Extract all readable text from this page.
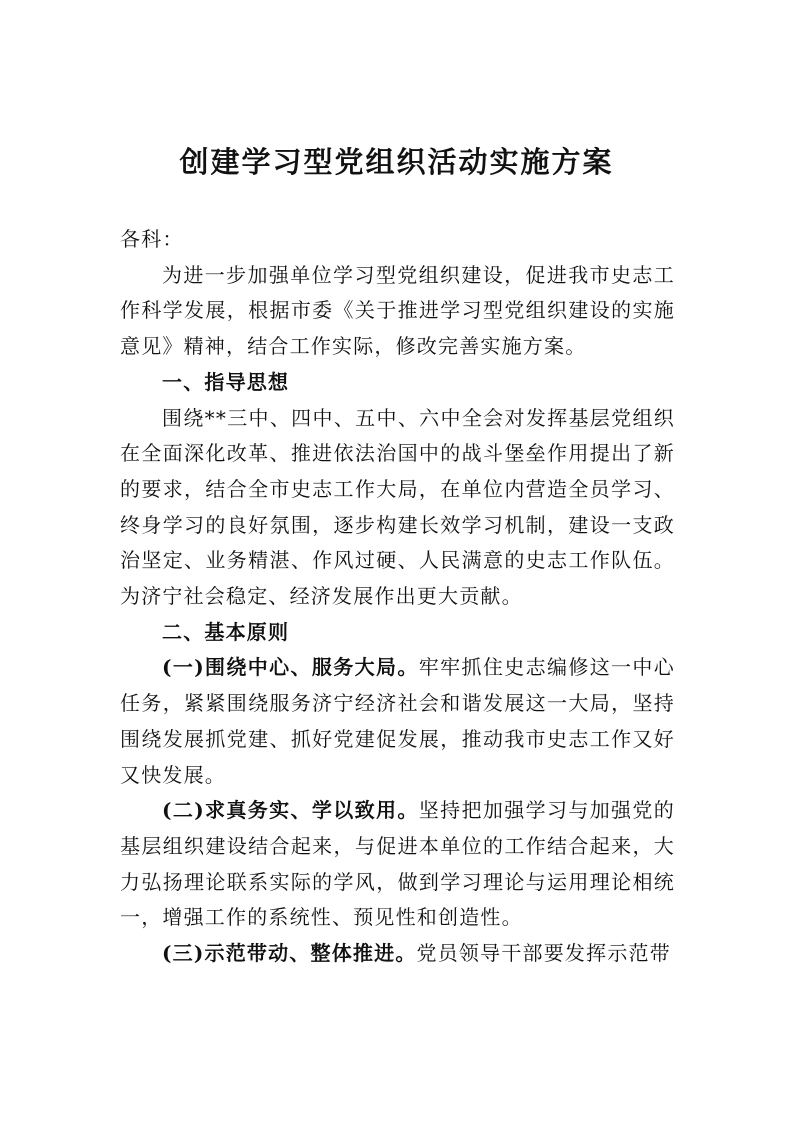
创建学习型党组织活动实施方案

各科：

为进一步加强单位学习型党组织建设，促进我市史志工作科学发展，根据市委《关于推进学习型党组织建设的实施意见》精神，结合工作实际，修改完善实施方案。

一、指导思想

围绕**三中、四中、五中、六中全会对发挥基层党组织在全面深化改革、推进依法治国中的战斗堡垒作用提出了新的要求，结合全市史志工作大局，在单位内营造全员学习、终身学习的良好氛围，逐步构建长效学习机制，建设一支政治坚定、业务精湛、作风过硬、人民满意的史志工作队伍。为济宁社会稳定、经济发展作出更大贡献。

二、基本原则

(一)围绕中心、服务大局。牢牢抓住史志编修这一中心任务，紧紧围绕服务济宁经济社会和谐发展这一大局，坚持围绕发展抓党建、抓好党建促发展，推动我市史志工作又好又快发展。

(二)求真务实、学以致用。坚持把加强学习与加强党的基层组织建设结合起来，与促进本单位的工作结合起来，大力弘扬理论联系实际的学风，做到学习理论与运用理论相统一，增强工作的系统性、预见性和创造性。

(三)示范带动、整体推进。党员领导干部要发挥示范带
